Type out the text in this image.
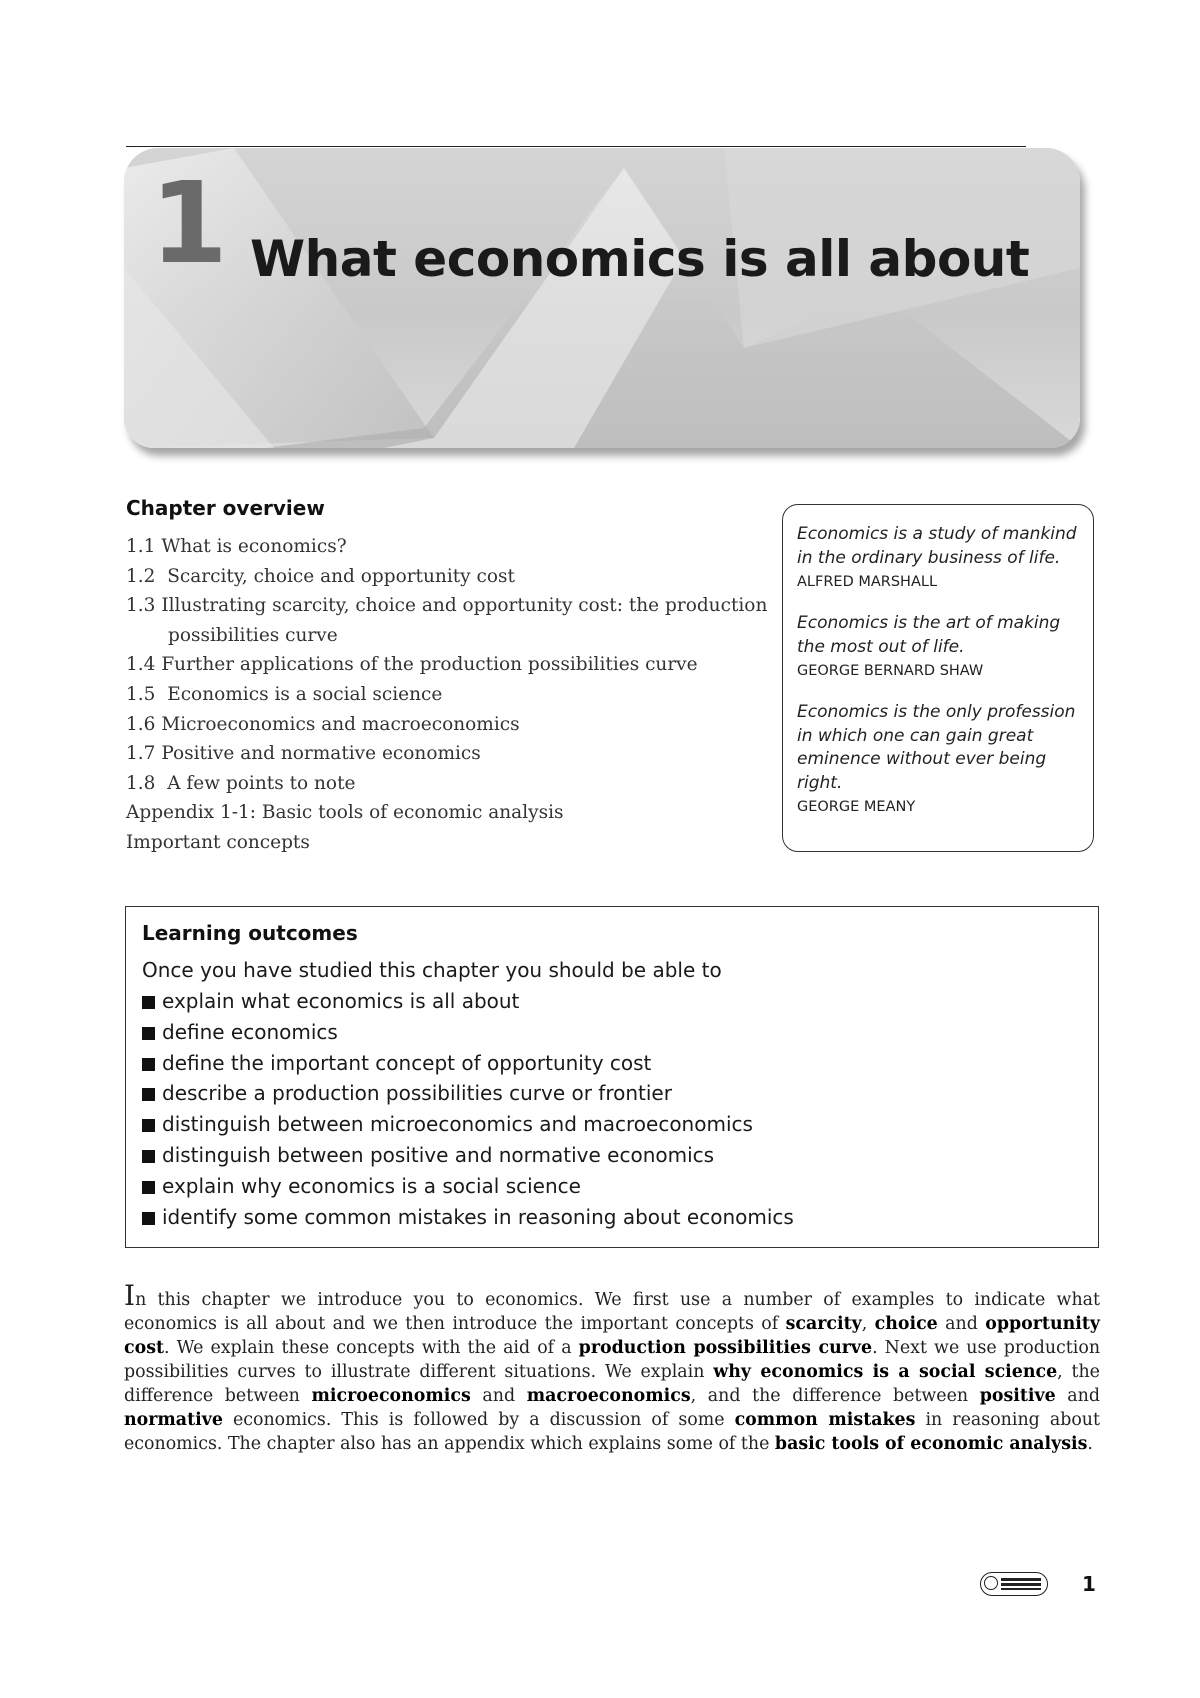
1 What economics is all about
Chapter overview
1.1 What is economics?
1.2  Scarcity, choice and opportunity cost
1.3 Illustrating scarcity, choice and opportunity cost: the production
possibilities curve
1.4 Further applications of the production possibilities curve
1.5  Economics is a social science
1.6 Microeconomics and macroeconomics
1.7 Positive and normative economics
1.8  A few points to note
Appendix 1-1: Basic tools of economic analysis
Important concepts
Economics is a study of mankind in the ordinary business of life.
ALFRED MARSHALL
Economics is the art of making the most out of life.
GEORGE BERNARD SHAW
Economics is the only profession in which one can gain great eminence without ever being right.
GEORGE MEANY
Learning outcomes

Once you have studied this chapter you should be able to

explain what economics is all about
define economics
define the important concept of opportunity cost
describe a production possibilities curve or frontier
distinguish between microeconomics and macroeconomics
distinguish between positive and normative economics
explain why economics is a social science
identify some common mistakes in reasoning about economics

In this chapter we introduce you to economics. We first use a number of examples to indicate what economics is all about and we then introduce the important concepts of scarcity, choice and opportunity cost. We explain these concepts with the aid of a production possibilities curve. Next we use production possibilities curves to illustrate different situations. We explain why economics is a social science, the difference between microeconomics and macroeconomics, and the difference between positive and normative economics. This is followed by a discussion of some common mistakes in reasoning about economics. The chapter also has an appendix which explains some of the basic tools of economic analysis.

1
